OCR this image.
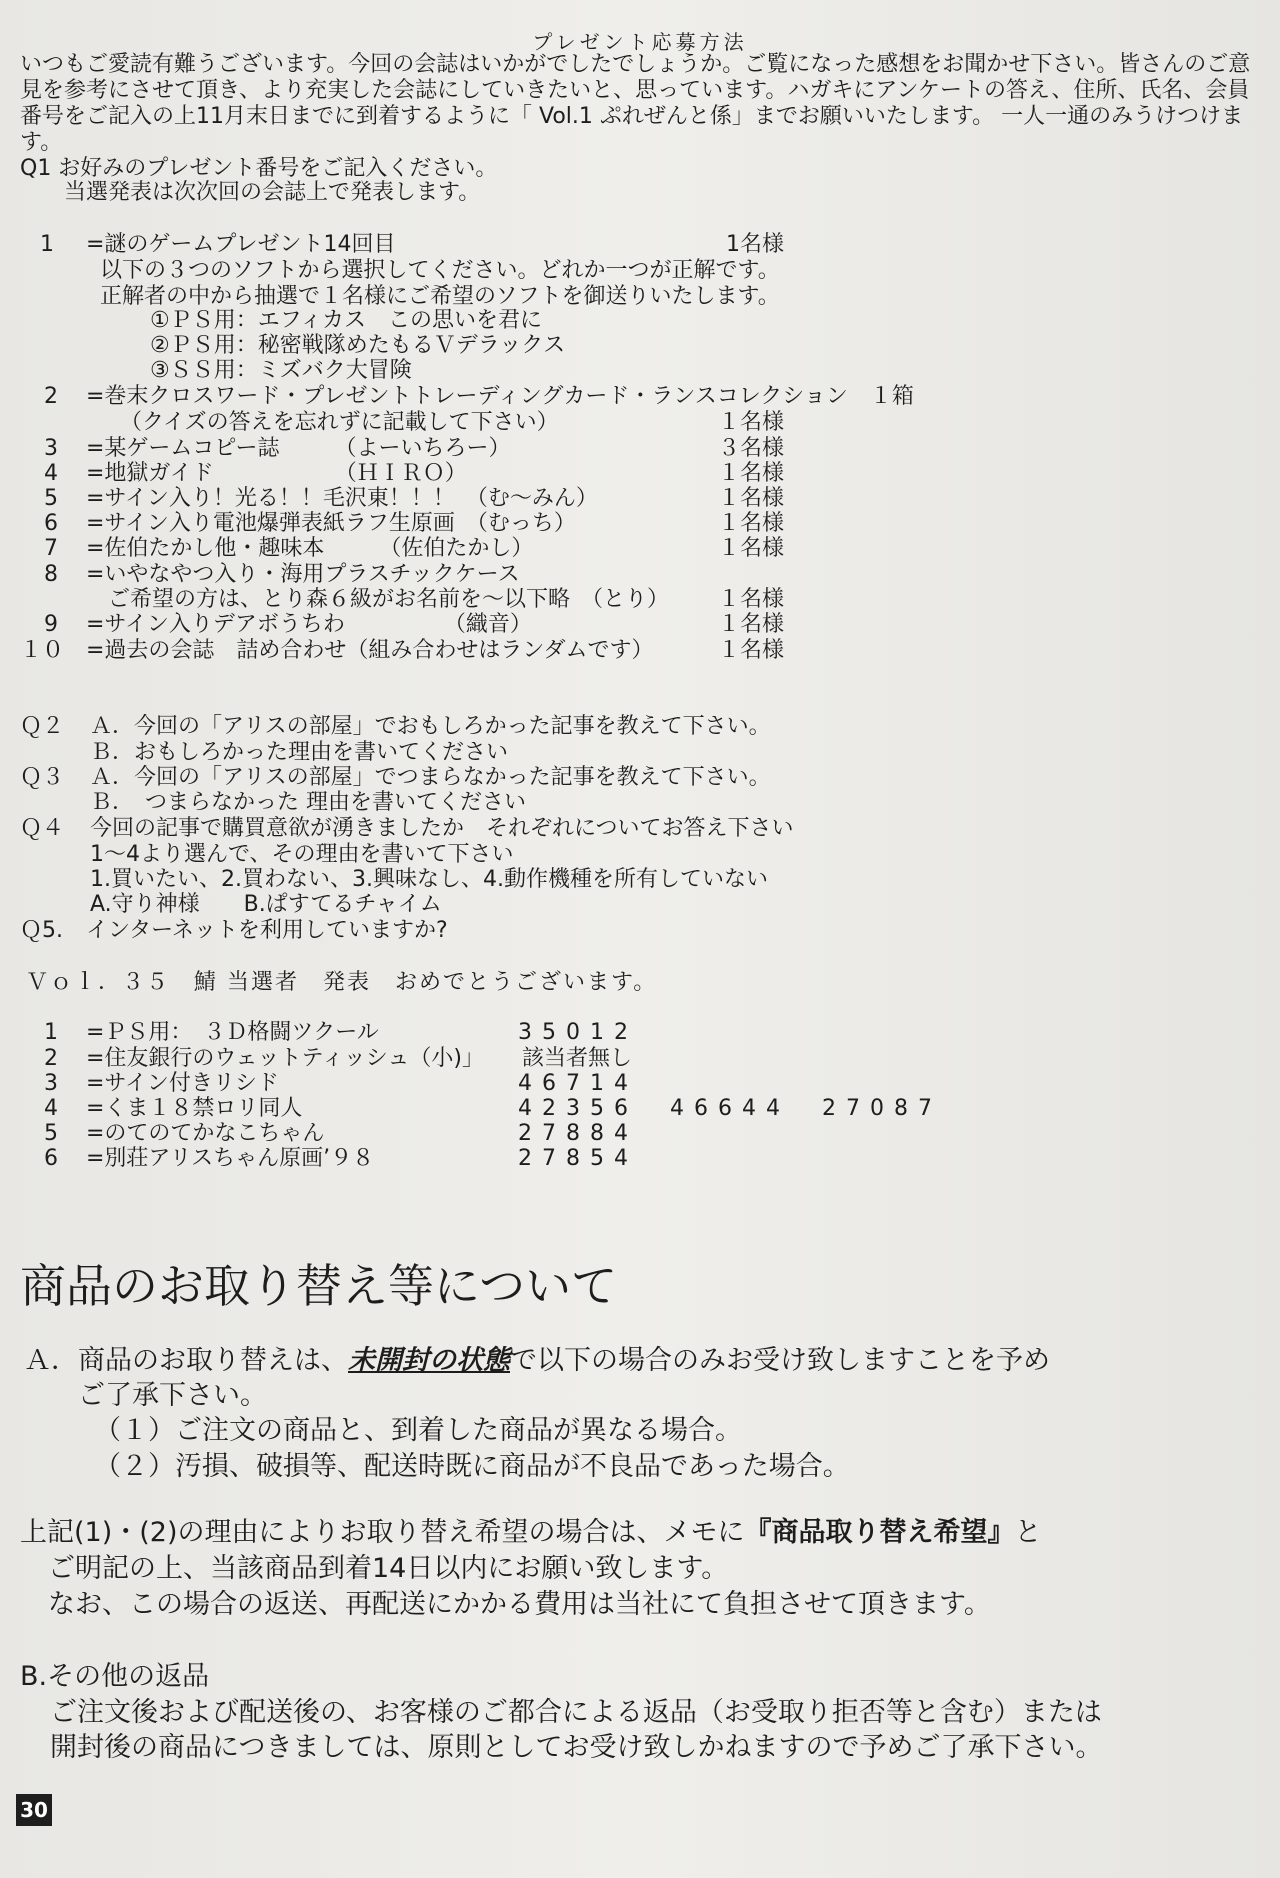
プレゼント応募方法
いつもご愛読有難うございます。今回の会誌はいかがでしたでしょうか。ご覧になった感想をお聞かせ下さい。皆さんのご意見を参考にさせて頂き、より充実した会誌にしていきたいと、思っています。ハガキにアンケートの答え、住所、氏名、会員番号をご記入の上11月末日までに到着するように「 Vol.1 ぷれぜんと係」までお願いいたします。 一人一通のみうけつけます。
Q1 お好みのプレゼント番号をご記入ください。
当選発表は次次回の会誌上で発表します。
1 =謎のゲームプレゼント14回目	1名様
以下の３つのソフトから選択してください。どれか一つが正解です。
正解者の中から抽選で１名様にご希望のソフトを御送りいたします。
①ＰＳ用：エフィカス　この思いを君に
②ＰＳ用：秘密戦隊めたもるＶデラックス
③ＳＳ用：ミズバク大冒険
2 =巻末クロスワード・プレゼントトレーディングカード・ランスコレクション　１箱
（クイズの答えを忘れずに記載して下さい）	１名様
3 =某ゲームコピー誌　　　（よーいちろー）	３名様
4 =地獄ガイド　　　　　　（ＨＩＲＯ）	１名様
5 =サイン入り！光る！！毛沢東！！！　（む〜みん）	１名様
6 =サイン入り電池爆弾表紙ラフ生原画　（むっち）	１名様
7 =佐伯たかし他・趣味本　　　（佐伯たかし）	１名様
8 =いやなやつ入り・海用プラスチックケース
ご希望の方は、とり森６級がお名前を〜以下略　（とり） １名様
9 =サイン入りデアボうちわ　　　　　（織音）	１名様
１０ =過去の会誌　詰め合わせ（組み合わせはランダムです）	１名様
Ｑ２ Ａ．今回の「アリスの部屋」でおもしろかった記事を教えて下さい。
Ｂ．おもしろかった理由を書いてください
Ｑ３ Ａ．今回の「アリスの部屋」でつまらなかった記事を教えて下さい。
Ｂ．　つまらなかった 理由を書いてください
Ｑ４ 今回の記事で購買意欲が湧きましたか　それぞれについてお答え下さい
1〜4より選んで、その理由を書いて下さい
1.買いたい、2.買わない、3.興味なし、4.動作機種を所有していない
A.守り神様　　B.ぱすてるチャイム
Ｑ5. インターネットを利用していますか?
Ｖｏｌ．３５　鯖 当選者　発表　おめでとうございます。
1 =ＰＳ用：　３Ｄ格闘ツクール	35012
2 =住友銀行のウェットティッシュ（小)」 該当者無し
3 =サイン付きリシド	46714
4 =くま１８禁ロリ同人	42356　46644　27087
5 =のてのてかなこちゃん	27884
6 =別荘アリスちゃん原画’９８	27854
商品のお取り替え等について
Ａ．商品のお取り替えは、未開封の状態で以下の場合のみお受け致しますことを予め
ご了承下さい。
（１）ご注文の商品と、到着した商品が異なる場合。
（２）汚損、破損等、配送時既に商品が不良品であった場合。
上記(1)・(2)の理由によりお取り替え希望の場合は、メモに『商品取り替え希望』と
ご明記の上、当該商品到着14日以内にお願い致します。
なお、この場合の返送、再配送にかかる費用は当社にて負担させて頂きます。
B.その他の返品
ご注文後および配送後の、お客様のご都合による返品（お受取り拒否等と含む）または
開封後の商品につきましては、原則としてお受け致しかねますので予めご了承下さい。
30
